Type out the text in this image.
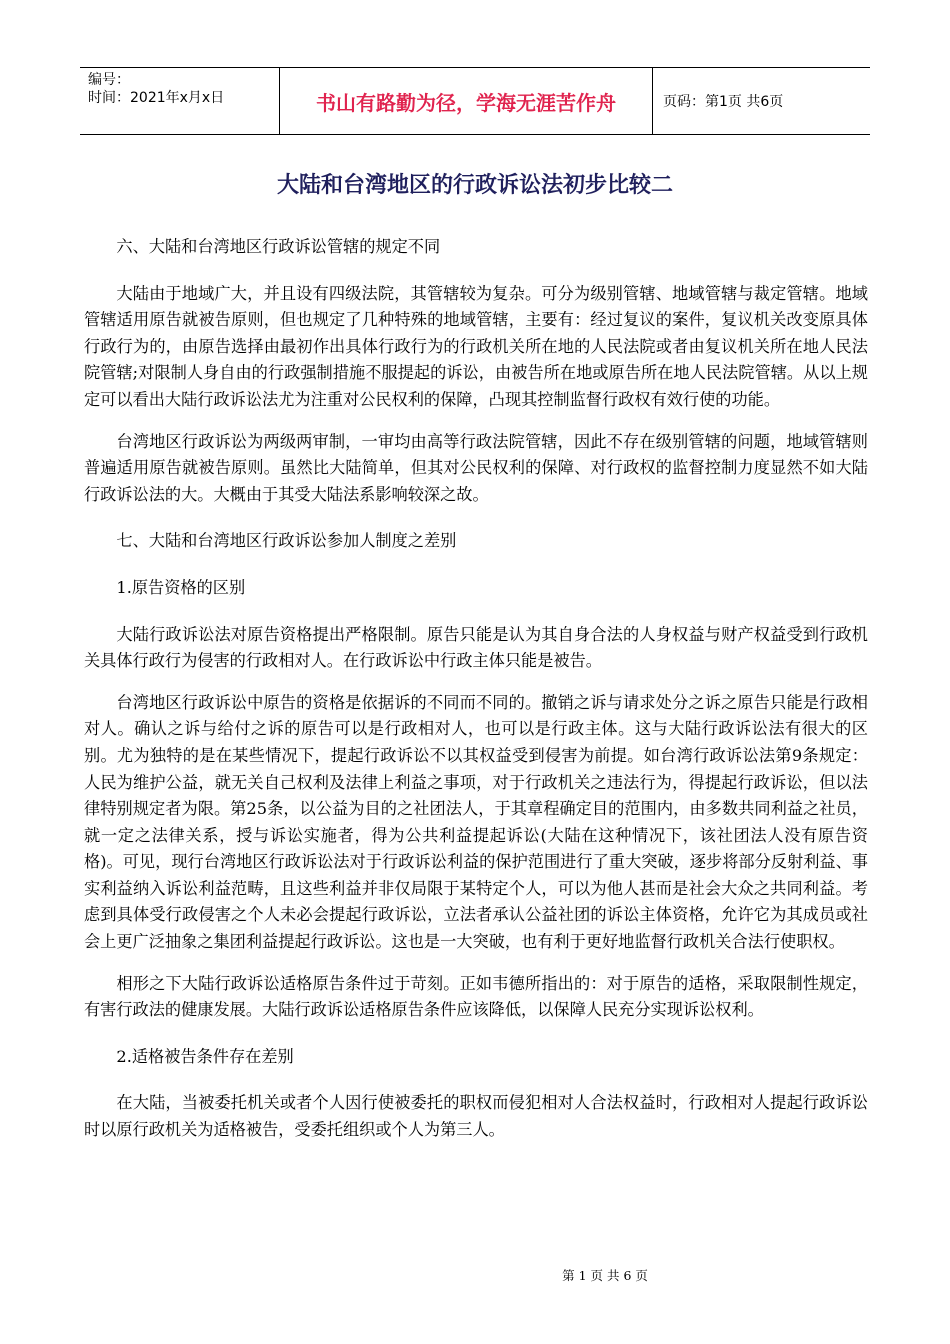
编号：
时间：2021年x月x日	书山有路勤为径，学海无涯苦作舟	页码：第1页 共6页
大陆和台湾地区的行政诉讼法初步比较二

六、大陆和台湾地区行政诉讼管辖的规定不同

大陆由于地域广大，并且设有四级法院，其管辖较为复杂。可分为级别管辖、地域管辖与裁定管辖。地域管辖适用原告就被告原则，但也规定了几种特殊的地域管辖，主要有：经过复议的案件，复议机关改变原具体行政行为的，由原告选择由最初作出具体行政行为的行政机关所在地的人民法院或者由复议机关所在地人民法院管辖;对限制人身自由的行政强制措施不服提起的诉讼，由被告所在地或原告所在地人民法院管辖。从以上规定可以看出大陆行政诉讼法尤为注重对公民权利的保障，凸现其控制监督行政权有效行使的功能。

台湾地区行政诉讼为两级两审制，一审均由高等行政法院管辖，因此不存在级别管辖的问题，地域管辖则普遍适用原告就被告原则。虽然比大陆简单，但其对公民权利的保障、对行政权的监督控制力度显然不如大陆行政诉讼法的大。大概由于其受大陆法系影响较深之故。

七、大陆和台湾地区行政诉讼参加人制度之差别

1.原告资格的区别

大陆行政诉讼法对原告资格提出严格限制。原告只能是认为其自身合法的人身权益与财产权益受到行政机关具体行政行为侵害的行政相对人。在行政诉讼中行政主体只能是被告。

台湾地区行政诉讼中原告的资格是依据诉的不同而不同的。撤销之诉与请求处分之诉之原告只能是行政相对人。确认之诉与给付之诉的原告可以是行政相对人，也可以是行政主体。这与大陆行政诉讼法有很大的区别。尤为独特的是在某些情况下，提起行政诉讼不以其权益受到侵害为前提。如台湾行政诉讼法第9条规定：人民为维护公益，就无关自己权利及法律上利益之事项，对于行政机关之违法行为，得提起行政诉讼，但以法律特别规定者为限。第25条，以公益为目的之社团法人，于其章程确定目的范围内，由多数共同利益之社员，就一定之法律关系，授与诉讼实施者，得为公共利益提起诉讼(大陆在这种情况下，该社团法人没有原告资格)。可见，现行台湾地区行政诉讼法对于行政诉讼利益的保护范围进行了重大突破，逐步将部分反射利益、事实利益纳入诉讼利益范畴，且这些利益并非仅局限于某特定个人，可以为他人甚而是社会大众之共同利益。考虑到具体受行政侵害之个人未必会提起行政诉讼，立法者承认公益社团的诉讼主体资格，允许它为其成员或社会上更广泛抽象之集团利益提起行政诉讼。这也是一大突破，也有利于更好地监督行政机关合法行使职权。

相形之下大陆行政诉讼适格原告条件过于苛刻。正如韦德所指出的：对于原告的适格，采取限制性规定，有害行政法的健康发展。大陆行政诉讼适格原告条件应该降低，以保障人民充分实现诉讼权利。

2.适格被告条件存在差别

在大陆，当被委托机关或者个人因行使被委托的职权而侵犯相对人合法权益时，行政相对人提起行政诉讼时以原行政机关为适格被告，受委托组织或个人为第三人。

第 1 页 共 6 页
